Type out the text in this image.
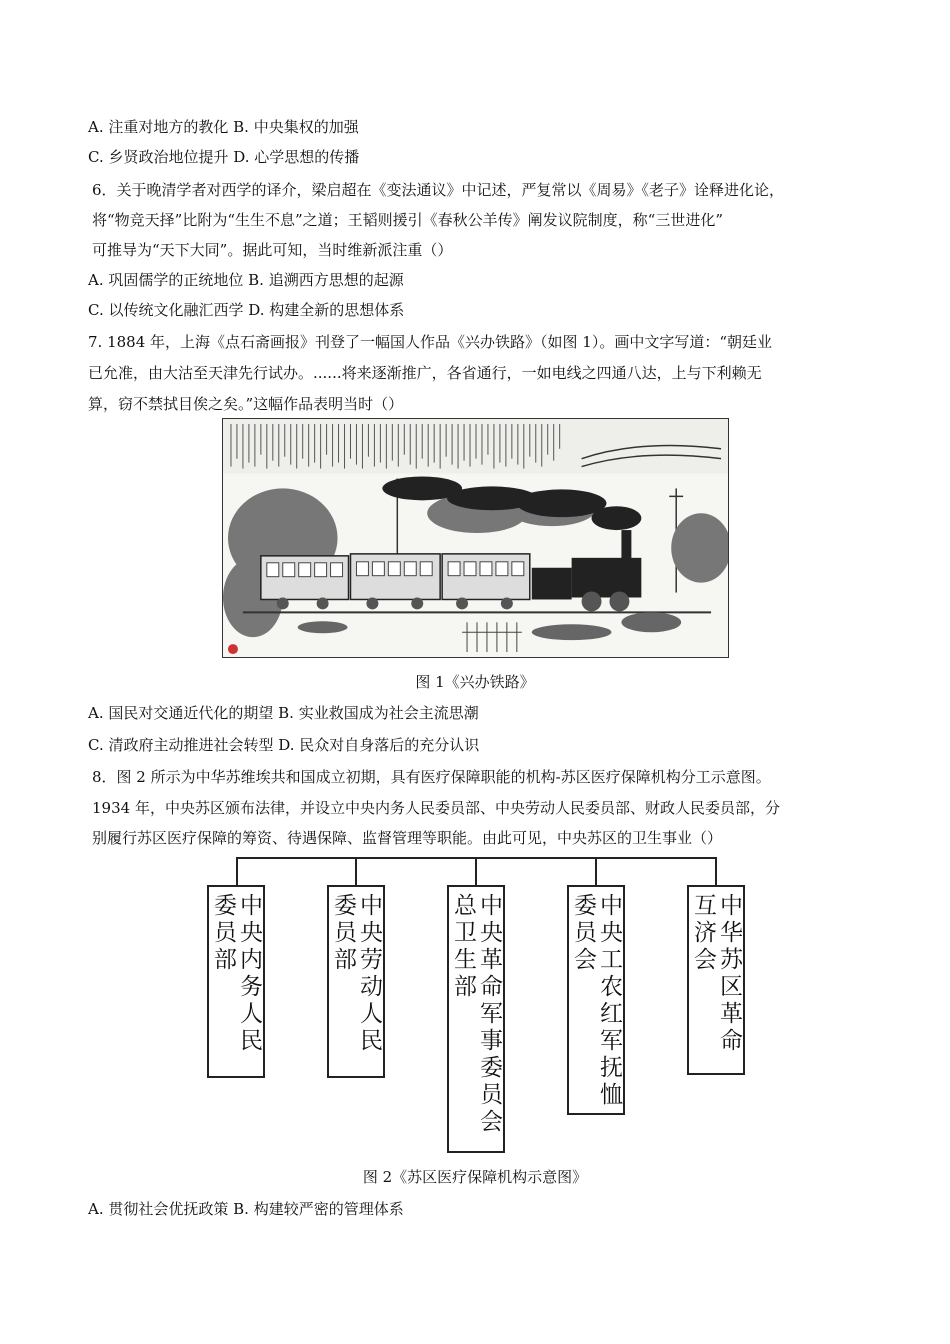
A. 注重对地方的教化 B. 中央集权的加强
C. 乡贤政治地位提升 D. 心学思想的传播
6．关于晚清学者对西学的译介，梁启超在《变法通议》中记述，严复常以《周易》《老子》诠释进化论，
将“物竞天择”比附为“生生不息”之道；王韬则援引《春秋公羊传》阐发议院制度，称“三世进化”
可推导为“天下大同”。据此可知，当时维新派注重（）
A. 巩固儒学的正统地位 B. 追溯西方思想的起源
C. 以传统文化融汇西学 D. 构建全新的思想体系
7. 1884 年，上海《点石斋画报》刊登了一幅国人作品《兴办铁路》（如图 1）。画中文字写道：“朝廷业
已允准，由大沽至天津先行试办。......将来逐渐推广，各省通行，一如电线之四通八达，上与下利赖无
算，窃不禁拭目俟之矣。”这幅作品表明当时（）
图 1《兴办铁路》
A. 国民对交通近代化的期望 B. 实业救国成为社会主流思潮
C. 清政府主动推进社会转型 D. 民众对自身落后的充分认识
8．图 2 所示为中华苏维埃共和国成立初期，具有医疗保障职能的机构-苏区医疗保障机构分工示意图。
1934 年，中央苏区颁布法律，并设立中央内务人民委员部、中央劳动人民委员部、财政人民委员部，分
别履行苏区医疗保障的筹资、待遇保障、监督管理等职能。由此可见，中央苏区的卫生事业（）
中央内务人民委员部	中央劳动人民委员部	中央革命军事委员会总卫生部	中央工农红军抚恤委员会	中华苏区革命互济会
图 2《苏区医疗保障机构示意图》
A. 贯彻社会优抚政策 B. 构建较严密的管理体系
